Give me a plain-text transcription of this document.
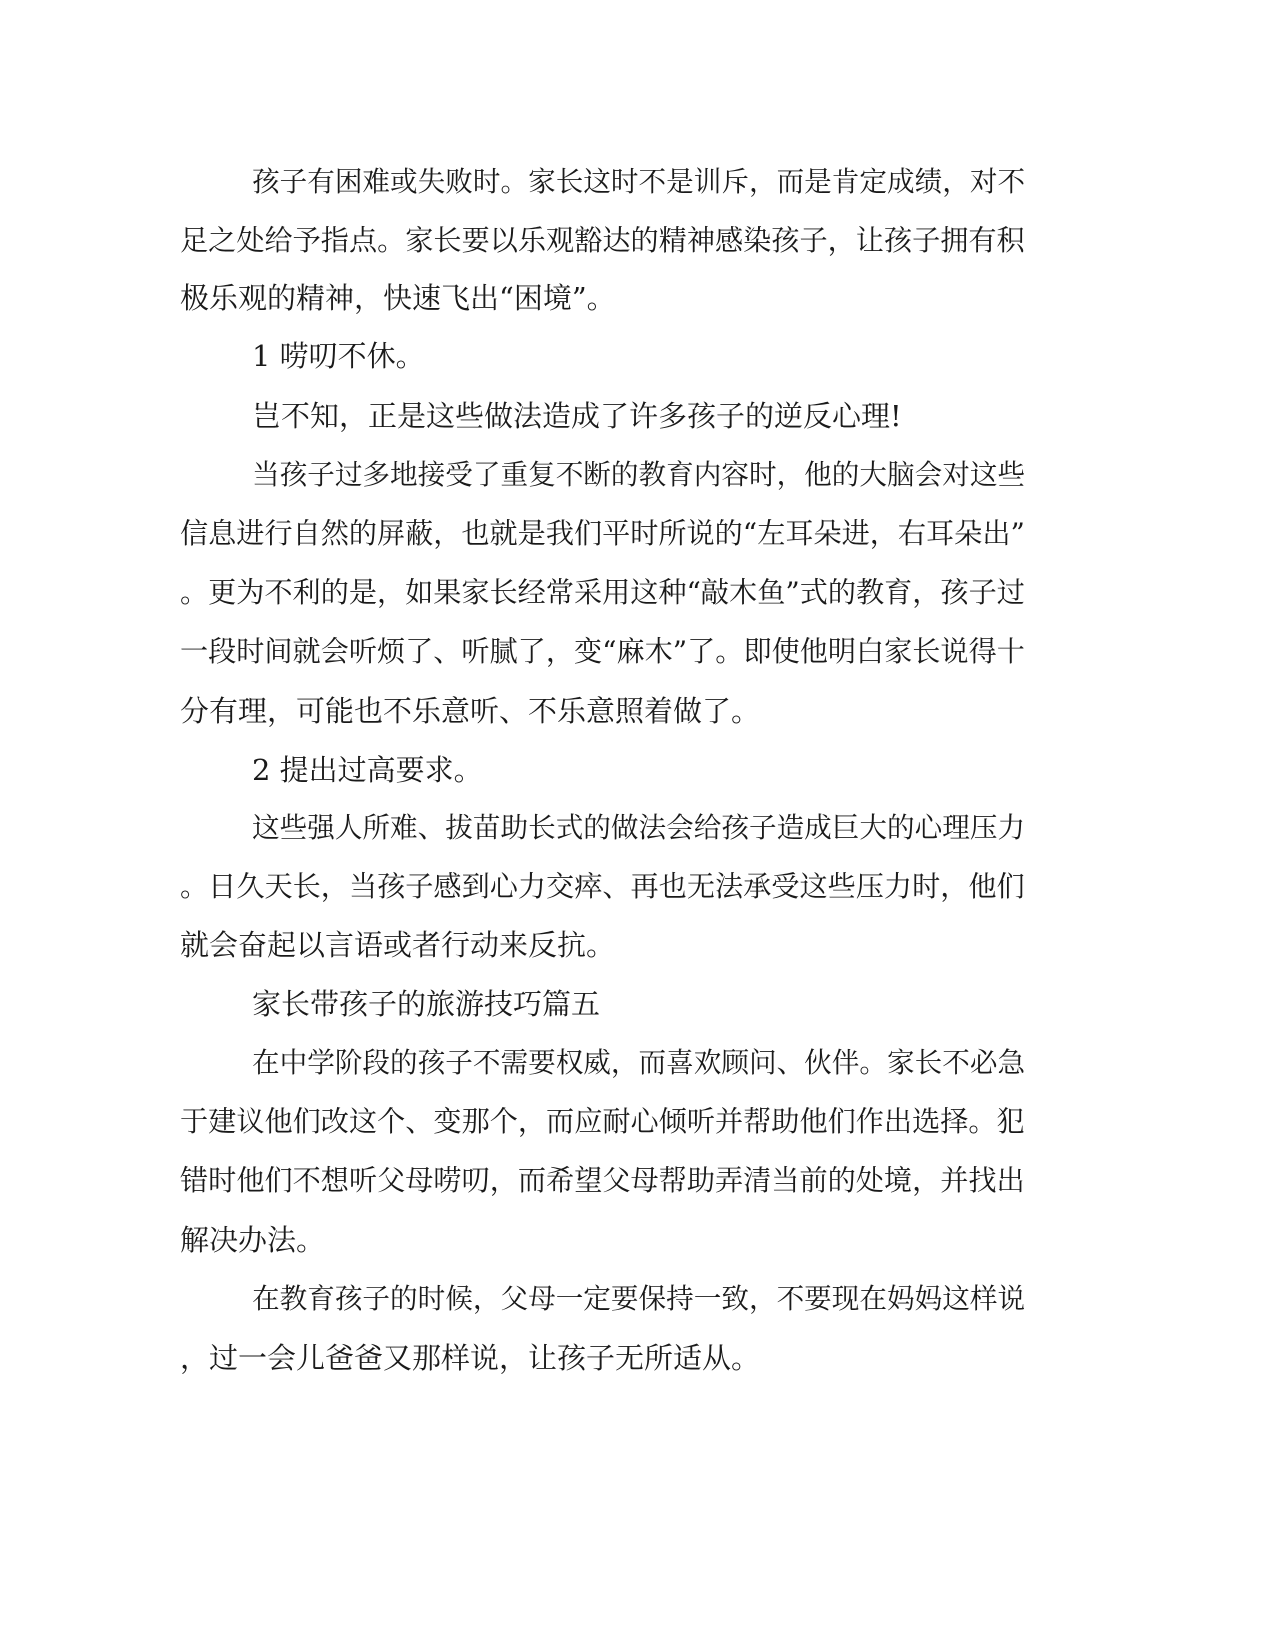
孩子有困难或失败时。家长这时不是训斥，而是肯定成绩，对不
足之处给予指点。家长要以乐观豁达的精神感染孩子，让孩子拥有积
极乐观的精神，快速飞出“困境”。
1 唠叨不休。
岂不知，正是这些做法造成了许多孩子的逆反心理!
当孩子过多地接受了重复不断的教育内容时，他的大脑会对这些
信息进行自然的屏蔽，也就是我们平时所说的“左耳朵进，右耳朵出”
。更为不利的是，如果家长经常采用这种“敲木鱼”式的教育，孩子过
一段时间就会听烦了、听腻了，变“麻木”了。即使他明白家长说得十
分有理，可能也不乐意听、不乐意照着做了。
2 提出过高要求。
这些强人所难、拔苗助长式的做法会给孩子造成巨大的心理压力
。日久天长，当孩子感到心力交瘁、再也无法承受这些压力时，他们
就会奋起以言语或者行动来反抗。
家长带孩子的旅游技巧篇五
在中学阶段的孩子不需要权威，而喜欢顾问、伙伴。家长不必急
于建议他们改这个、变那个，而应耐心倾听并帮助他们作出选择。犯
错时他们不想听父母唠叨，而希望父母帮助弄清当前的处境，并找出
解决办法。
在教育孩子的时候，父母一定要保持一致，不要现在妈妈这样说
，过一会儿爸爸又那样说，让孩子无所适从。
